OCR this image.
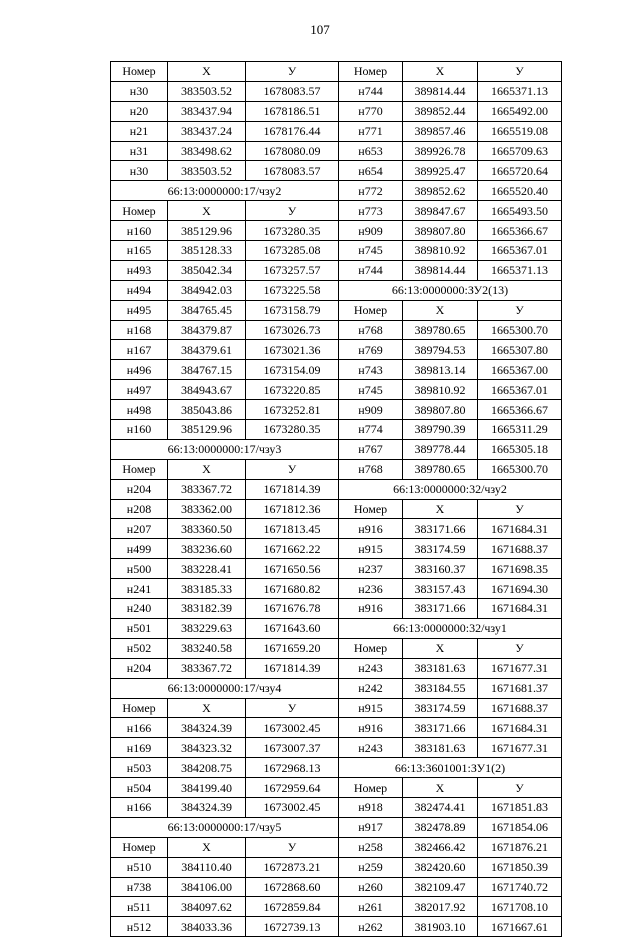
107
Номер	X	У	Номер	X	У
н30	383503.52	1678083.57	н744	389814.44	1665371.13
н20	383437.94	1678186.51	н770	389852.44	1665492.00
н21	383437.24	1678176.44	н771	389857.46	1665519.08
н31	383498.62	1678080.09	н653	389926.78	1665709.63
н30	383503.52	1678083.57	н654	389925.47	1665720.64
66:13:0000000:17/чзу2			н772	389852.62	1665520.40
Номер	X	У	н773	389847.67	1665493.50
н160	385129.96	1673280.35	н909	389807.80	1665366.67
н165	385128.33	1673285.08	н745	389810.92	1665367.01
н493	385042.34	1673257.57	н744	389814.44	1665371.13
н494	384942.03	1673225.58	66:13:0000000:ЗУ2(13)		
н495	384765.45	1673158.79	Номер	X	У
н168	384379.87	1673026.73	н768	389780.65	1665300.70
н167	384379.61	1673021.36	н769	389794.53	1665307.80
н496	384767.15	1673154.09	н743	389813.14	1665367.00
н497	384943.67	1673220.85	н745	389810.92	1665367.01
н498	385043.86	1673252.81	н909	389807.80	1665366.67
н160	385129.96	1673280.35	н774	389790.39	1665311.29
66:13:0000000:17/чзу3			н767	389778.44	1665305.18
Номер	X	У	н768	389780.65	1665300.70
н204	383367.72	1671814.39	66:13:0000000:32/чзу2		
н208	383362.00	1671812.36	Номер	X	У
н207	383360.50	1671813.45	н916	383171.66	1671684.31
н499	383236.60	1671662.22	н915	383174.59	1671688.37
н500	383228.41	1671650.56	н237	383160.37	1671698.35
н241	383185.33	1671680.82	н236	383157.43	1671694.30
н240	383182.39	1671676.78	н916	383171.66	1671684.31
н501	383229.63	1671643.60	66:13:0000000:32/чзу1		
н502	383240.58	1671659.20	Номер	X	У
н204	383367.72	1671814.39	н243	383181.63	1671677.31
66:13:0000000:17/чзу4			н242	383184.55	1671681.37
Номер	X	У	н915	383174.59	1671688.37
н166	384324.39	1673002.45	н916	383171.66	1671684.31
н169	384323.32	1673007.37	н243	383181.63	1671677.31
н503	384208.75	1672968.13	66:13:3601001:ЗУ1(2)		
н504	384199.40	1672959.64	Номер	X	У
н166	384324.39	1673002.45	н918	382474.41	1671851.83
66:13:0000000:17/чзу5			н917	382478.89	1671854.06
Номер	X	У	н258	382466.42	1671876.21
н510	384110.40	1672873.21	н259	382420.60	1671850.39
н738	384106.00	1672868.60	н260	382109.47	1671740.72
н511	384097.62	1672859.84	н261	382017.92	1671708.10
н512	384033.36	1672739.13	н262	381903.10	1671667.61
